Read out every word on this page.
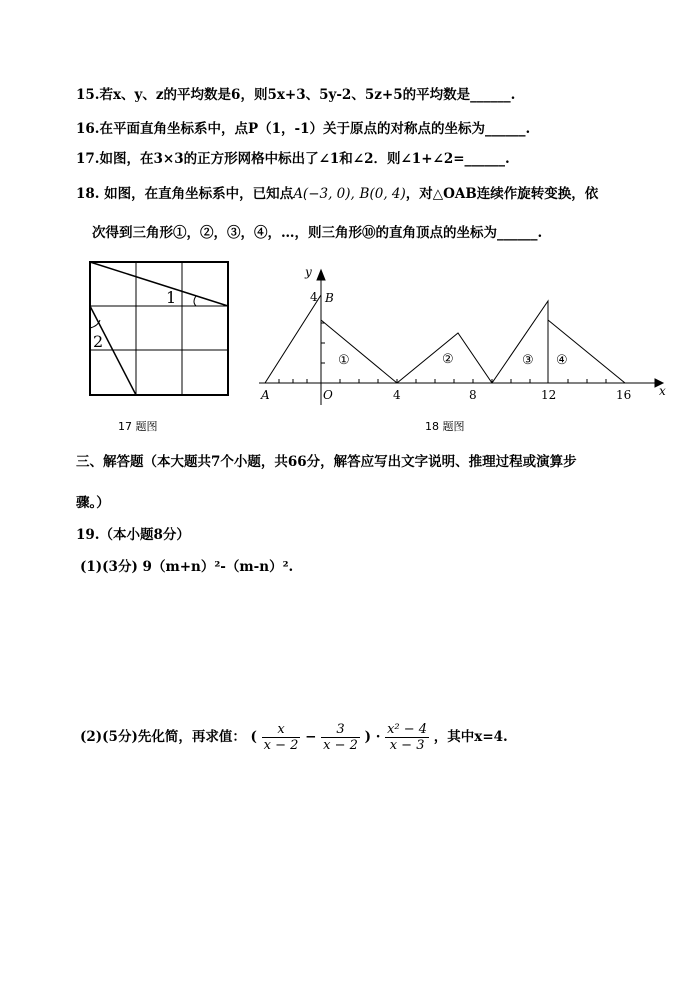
15.若x、y、z的平均数是6，则5x+3、5y-2、5z+5的平均数是______.
16.在平面直角坐标系中，点P（1，-1）关于原点的对称点的坐标为______.
17.如图，在3×3的正方形网格中标出了∠1和∠2．则∠1+∠2=______.
18. 如图，在直角坐标系中，已知点A(−3, 0), B(0, 4)，对△OAB连续作旋转变换，依
次得到三角形①，②，③，④，…，则三角形⑩的直角顶点的坐标为______.
1
2
17 题图
y
x
4 B
A	O	4	8	12	16
①	②	③ ④
18 题图
三、解答题（本大题共7个小题，共66分，解答应写出文字说明、推理过程或演算步
骤。）
19.（本小题8分）
(1)(3分) 9（m+n）²-（m-n）².
(2)(5分)先化简，再求值： ( $\frac{x}{x - 2} - \frac{3}{x - 2}$ ) · $\frac{\text{x² − 4}}{x - 3}$ ，其中x=4.
